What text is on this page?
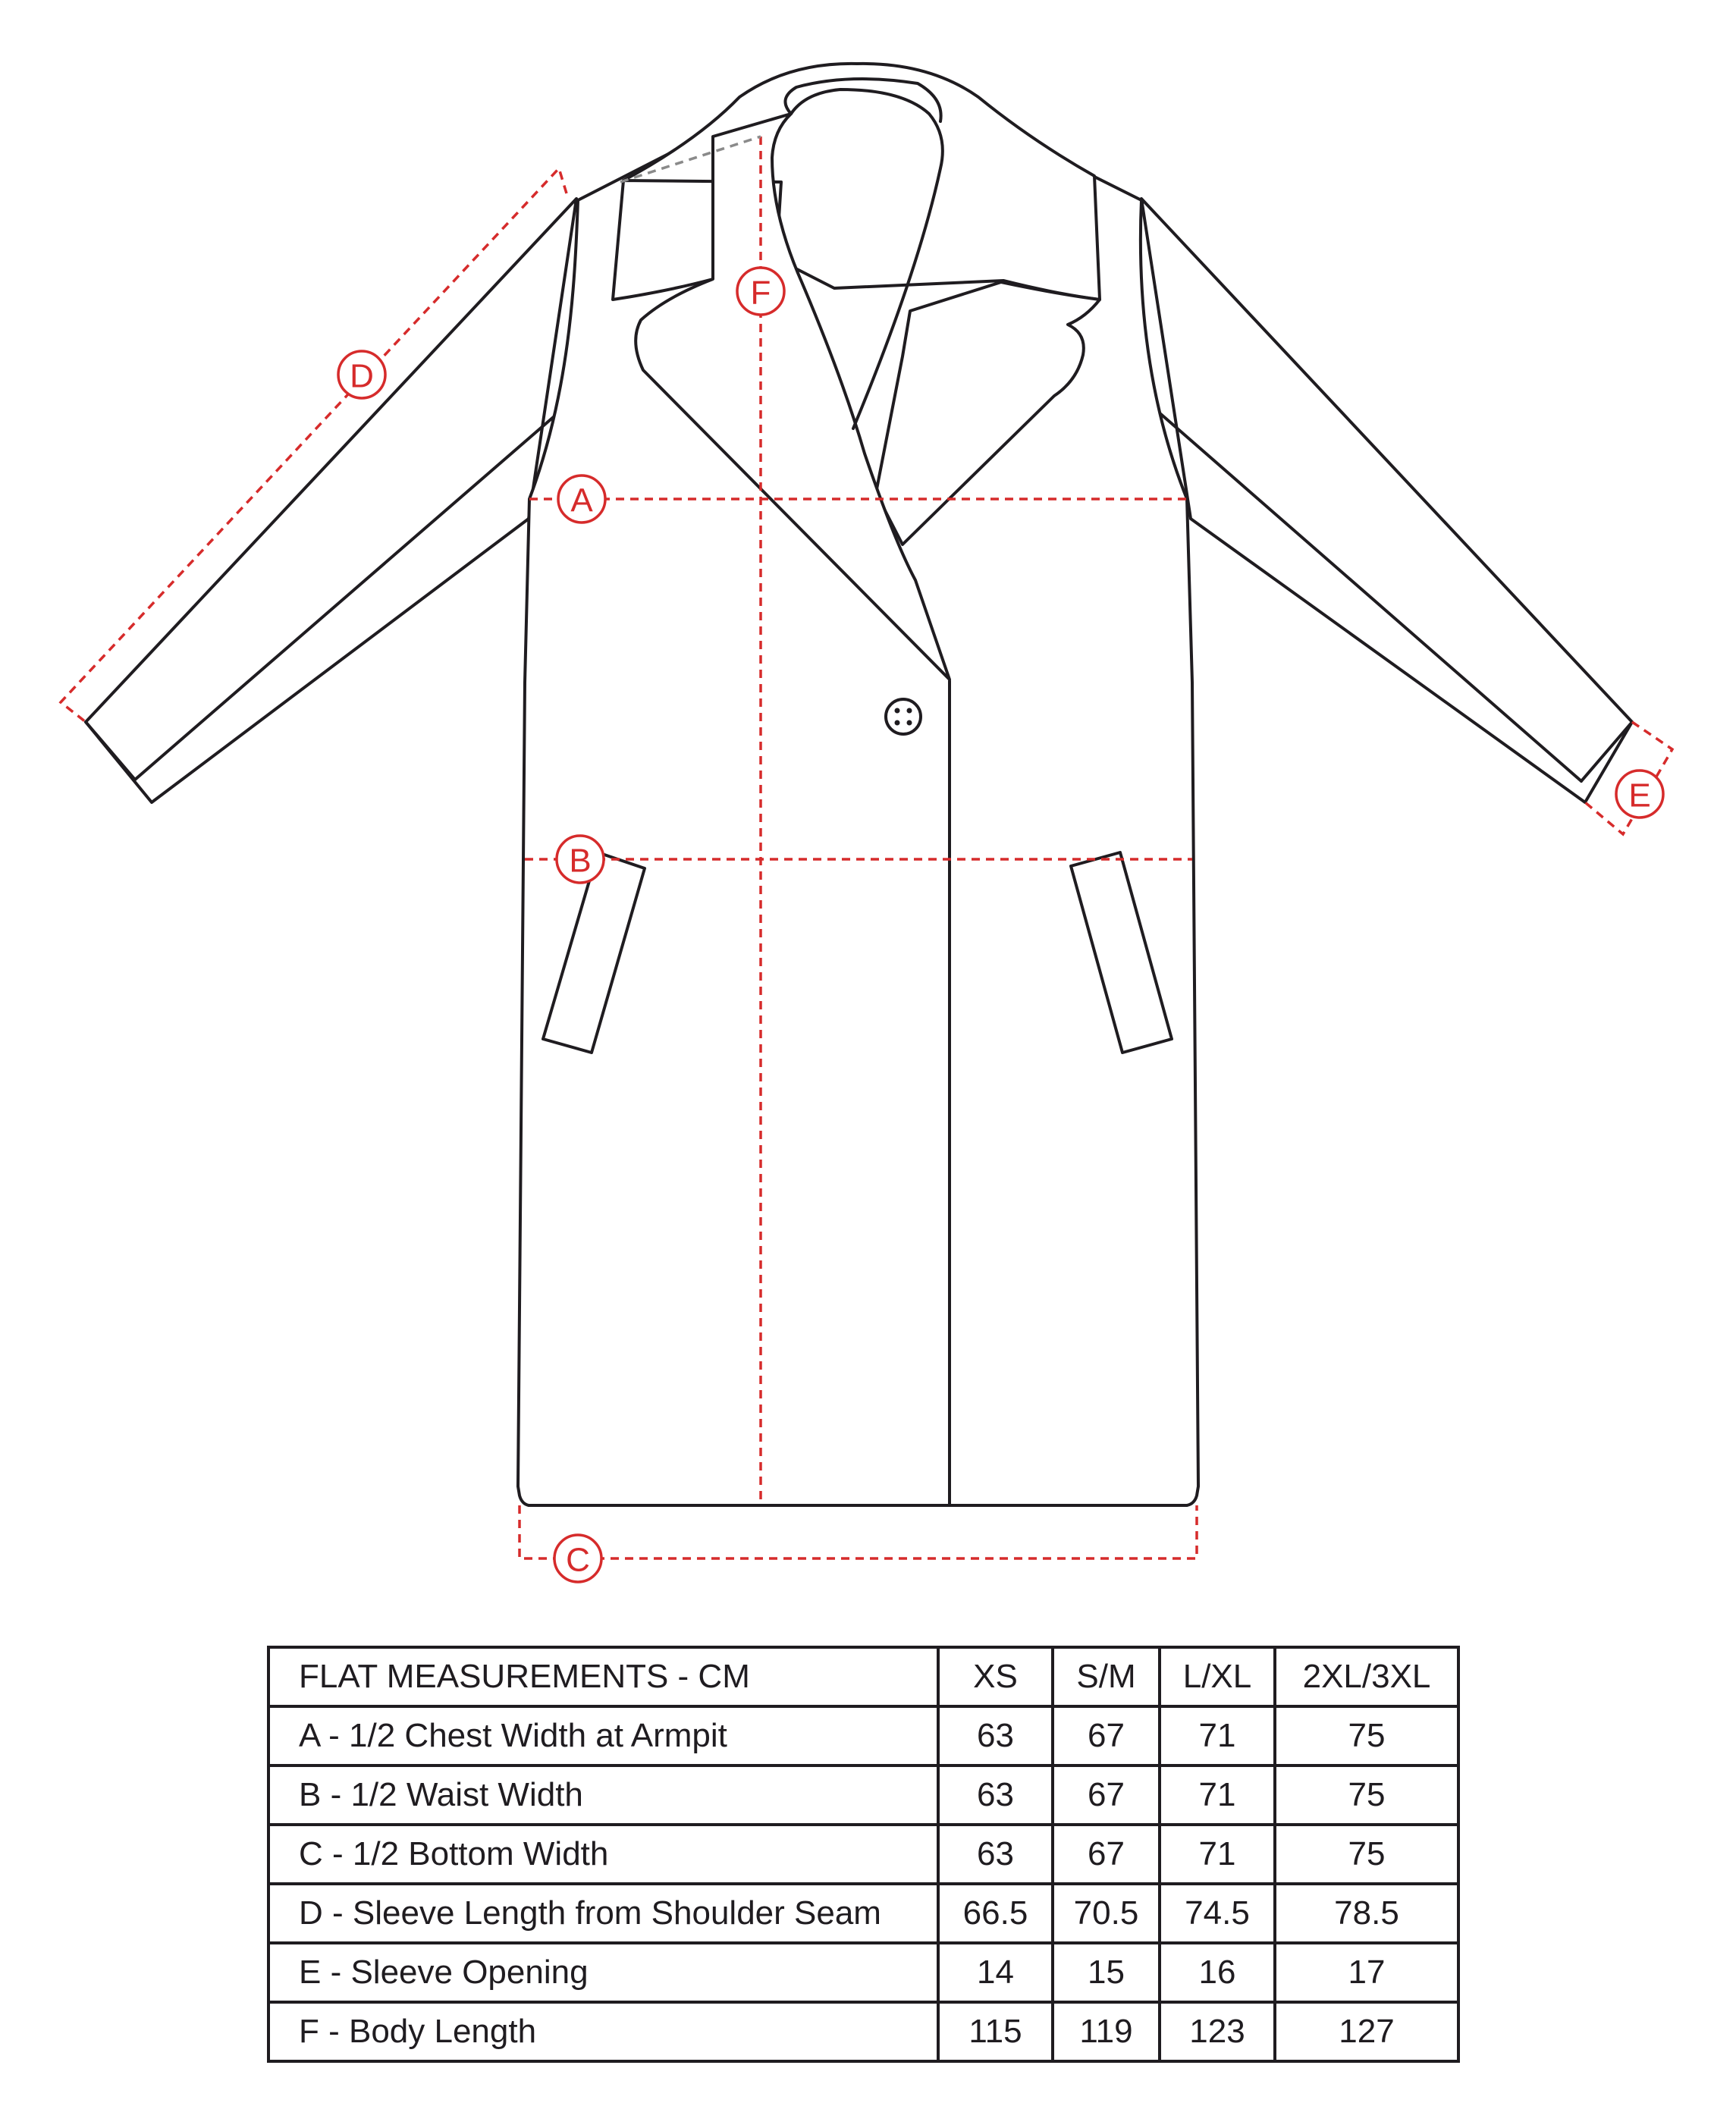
A
B
C
D
E
F
FLAT MEASUREMENTS - CM	XS	S/M	L/XL	2XL/3XL
A - 1/2 Chest Width at Armpit	63	67	71	75
B - 1/2 Waist Width	63	67	71	75
C - 1/2 Bottom Width	63	67	71	75
D - Sleeve Length from Shoulder Seam	66.5	70.5	74.5	78.5
E - Sleeve Opening	14	15	16	17
F - Body Length	115	119	123	127
